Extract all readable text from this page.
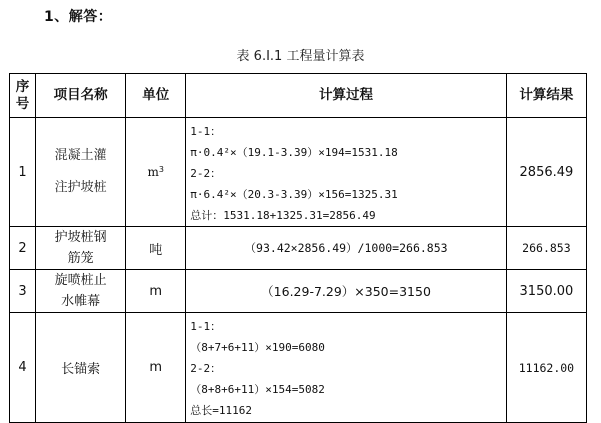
1、解答：
表 6.I.1 工程量计算表
序
号	项目名称	单位	计算过程	计算结果
1	混凝土灌
注护坡桩	$m^3$	1-1：
π·0.4²×（19.1-3.39）×194=1531.18
2-2：
π·6.4²×（20.3-3.39）×156=1325.31
总计：1531.18+1325.31=2856.49	2856.49
2	护坡桩钢
筋笼	吨	（93.42×2856.49）/1000=266.853	266.853
3	旋喷桩止
水帷幕	m	（16.29-7.29）×350=3150	3150.00
4	长锚索	m	1-1：
（8+7+6+11）×190=6080
2-2：
（8+8+6+11）×154=5082
总长=11162	11162.00
